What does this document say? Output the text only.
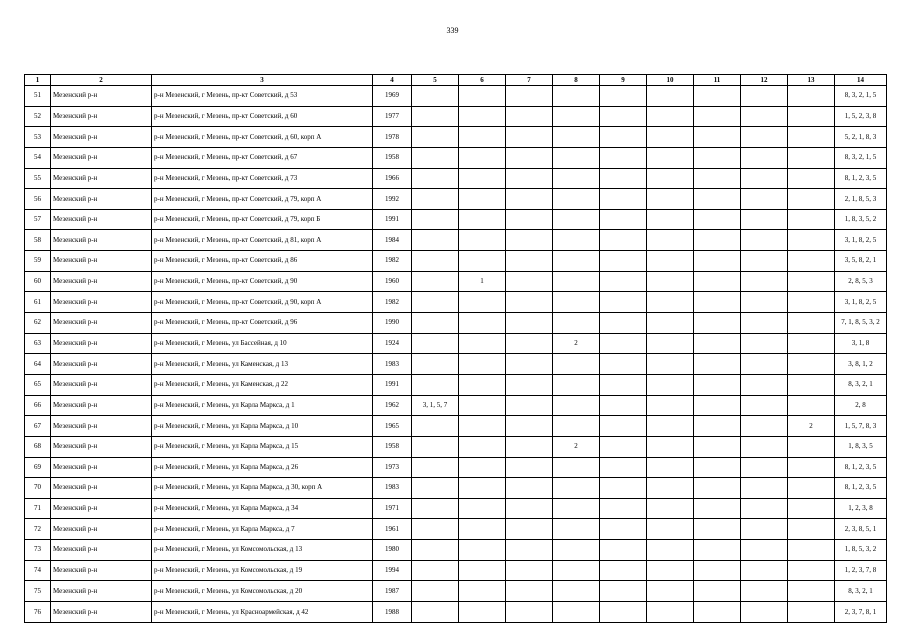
339
1	2	3	4	5	6	7	8	9	10	11	12	13	14
51	Мезенский р-н	р-н Мезенский, г Мезень, пр-кт Советский, д 53	1969										8, 3, 2, 1, 5
52	Мезенский р-н	р-н Мезенский, г Мезень, пр-кт Советский, д 60	1977										1, 5, 2, 3, 8
53	Мезенский р-н	р-н Мезенский, г Мезень, пр-кт Советский, д 60, корп А	1978										5, 2, 1, 8, 3
54	Мезенский р-н	р-н Мезенский, г Мезень, пр-кт Советский, д 67	1958										8, 3, 2, 1, 5
55	Мезенский р-н	р-н Мезенский, г Мезень, пр-кт Советский, д 73	1966										8, 1, 2, 3, 5
56	Мезенский р-н	р-н Мезенский, г Мезень, пр-кт Советский, д 79, корп А	1992										2, 1, 8, 5, 3
57	Мезенский р-н	р-н Мезенский, г Мезень, пр-кт Советский, д 79, корп Б	1991										1, 8, 3, 5, 2
58	Мезенский р-н	р-н Мезенский, г Мезень, пр-кт Советский, д 81, корп А	1984										3, 1, 8, 2, 5
59	Мезенский р-н	р-н Мезенский, г Мезень, пр-кт Советский, д 86	1982										3, 5, 8, 2, 1
60	Мезенский р-н	р-н Мезенский, г Мезень, пр-кт Советский, д 90	1960		1								2, 8, 5, 3
61	Мезенский р-н	р-н Мезенский, г Мезень, пр-кт Советский, д 90, корп А	1982										3, 1, 8, 2, 5
62	Мезенский р-н	р-н Мезенский, г Мезень, пр-кт Советский, д 96	1990										7, 1, 8, 5, 3, 2
63	Мезенский р-н	р-н Мезенский, г Мезень, ул Бассейная, д 10	1924				2						3, 1, 8
64	Мезенский р-н	р-н Мезенский, г Мезень, ул Каменская, д 13	1983										3, 8, 1, 2
65	Мезенский р-н	р-н Мезенский, г Мезень, ул Каменская, д 22	1991										8, 3, 2, 1
66	Мезенский р-н	р-н Мезенский, г Мезень, ул Карла Маркса, д 1	1962	3, 1, 5, 7									2, 8
67	Мезенский р-н	р-н Мезенский, г Мезень, ул Карла Маркса, д 10	1965									2	1, 5, 7, 8, 3
68	Мезенский р-н	р-н Мезенский, г Мезень, ул Карла Маркса, д 15	1958				2						1, 8, 3, 5
69	Мезенский р-н	р-н Мезенский, г Мезень, ул Карла Маркса, д 26	1973										8, 1, 2, 3, 5
70	Мезенский р-н	р-н Мезенский, г Мезень, ул Карла Маркса, д 30, корп А	1983										8, 1, 2, 3, 5
71	Мезенский р-н	р-н Мезенский, г Мезень, ул Карла Маркса, д 34	1971										1, 2, 3, 8
72	Мезенский р-н	р-н Мезенский, г Мезень, ул Карла Маркса, д 7	1961										2, 3, 8, 5, 1
73	Мезенский р-н	р-н Мезенский, г Мезень, ул Комсомольская, д 13	1980										1, 8, 5, 3, 2
74	Мезенский р-н	р-н Мезенский, г Мезень, ул Комсомольская, д 19	1994										1, 2, 3, 7, 8
75	Мезенский р-н	р-н Мезенский, г Мезень, ул Комсомольская, д 20	1987										8, 3, 2, 1
76	Мезенский р-н	р-н Мезенский, г Мезень, ул Красноармейская, д 42	1988										2, 3, 7, 8, 1
